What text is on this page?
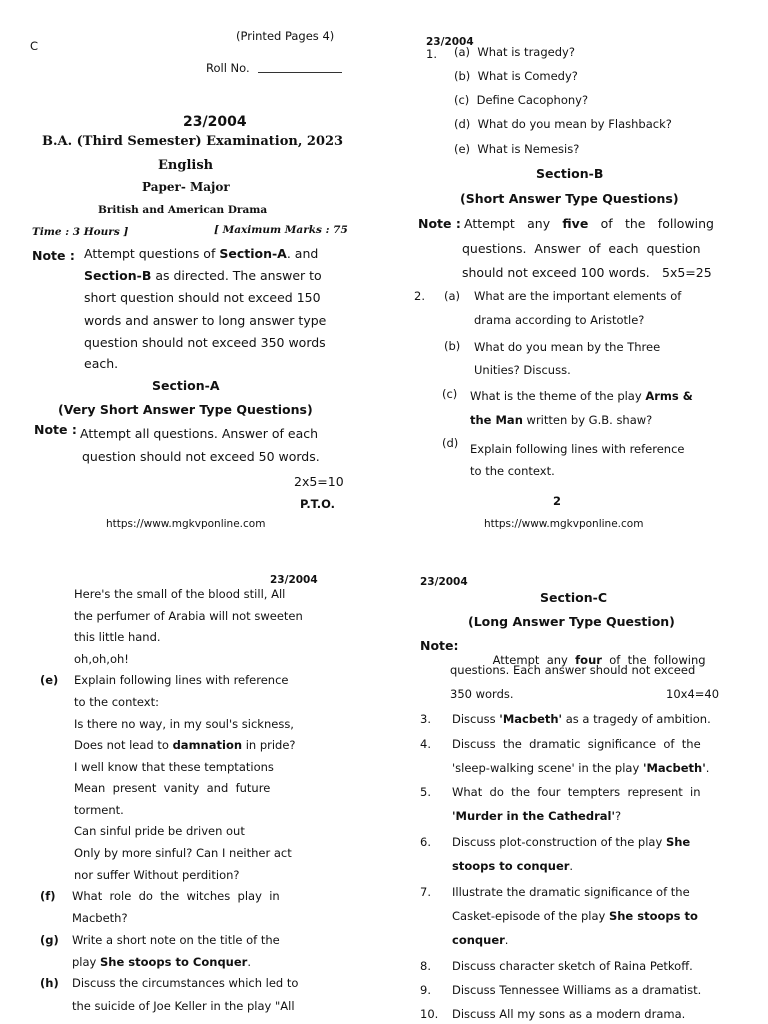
C
(Printed Pages 4)
Roll No.
23/2004
B.A. (Third Semester) Examination, 2023
English
Paper- Major
British and American Drama
Time : 3 Hours ]	[ Maximum Marks : 75
Note : Attempt questions of Section-A. and
Section-B as directed. The answer to
short question should not exceed 150
words and answer to long answer type
question should not exceed 350 words
each.
Section-A
(Very Short Answer Type Questions)
Note : Attempt all questions. Answer of each
question should not exceed 50 words.
2x5=10
P.T.O.
https://www.mgkvponline.com
23/2004
1. (a) What is tragedy?
(b) What is Comedy?
(c) Define Cacophony?
(d) What do you mean by Flashback?
(e) What is Nemesis?
Section-B
(Short Answer Type Questions)
Note : Attempt any five of the following
questions.  Answer  of  each  question
should not exceed 100 words. 5x5=25
2. (a) What are the important elements of
drama according to Aristotle?
(b) What do you mean by the Three
Unities? Discuss.
(c) What is the theme of the play Arms &
the Man written by G.B. shaw?
(d) Explain following lines with reference
to the context.
2
https://www.mgkvponline.com
23/2004
Here's the small of the blood still, All
the perfumer of Arabia will not sweeten
this little hand.
oh,oh,oh!
(e) Explain following lines with reference
to the context:
Is there no way, in my soul's sickness,
Does not lead to damnation in pride?
I well know that these temptations
Mean  present  vanity  and  future
torment.
Can sinful pride be driven out
Only by more sinful? Can I neither act
nor suffer Without perdition?
(f) What  role  do  the  witches  play  in
Macbeth?
(g) Write a short note on the title of the
play She stoops to Conquer.
(h) Discuss the circumstances which led to
the suicide of Joe Keller in the play "All
23/2004
Section-C
(Long Answer Type Question)
Note:

Attempt  any four of  the  following

questions. Each answer should not exceed
350 words.	10x4=40
3. Discuss 'Macbeth' as a tragedy of ambition.
4. Discuss  the  dramatic  significance  of  the
'sleep-walking scene' in the play 'Macbeth'.
5. What  do  the  four  tempters  represent  in
'Murder in the Cathedral'?
6. Discuss plot-construction of the play She
stoops to conquer.
7. Illustrate the dramatic significance of the
Casket-episode of the play She stoops to
conquer.
8. Discuss character sketch of Raina Petkoff.
9. Discuss Tennessee Williams as a dramatist.
10. Discuss All my sons as a modern drama.
